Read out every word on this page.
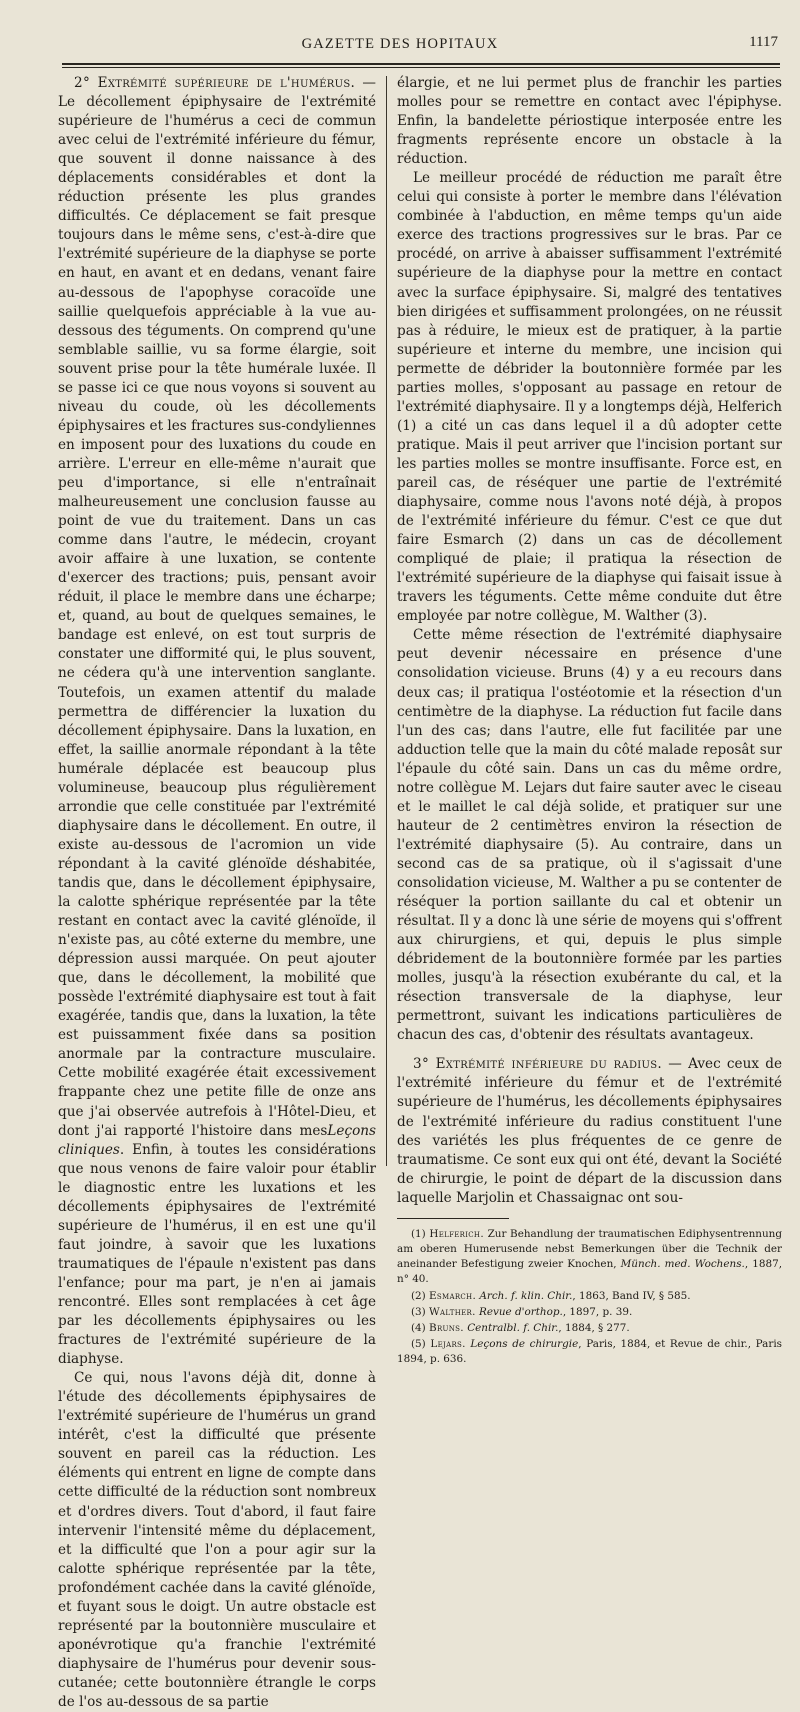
GAZETTE DES HOPITAUX	1117

2° Extrémité supérieure de l'humérus. — Le décollement épiphysaire de l'extrémité supérieure de l'humérus a ceci de commun avec celui de l'extrémité inférieure du fémur, que souvent il donne naissance à des déplacements considérables et dont la réduction présente les plus grandes difficultés. Ce déplacement se fait presque toujours dans le même sens, c'est-à-dire que l'extrémité supérieure de la diaphyse se porte en haut, en avant et en dedans, venant faire au-dessous de l'apophyse coracoïde une saillie quelquefois appréciable à la vue au-dessous des téguments. On comprend qu'une semblable saillie, vu sa forme élargie, soit souvent prise pour la tête humérale luxée. Il se passe ici ce que nous voyons si souvent au niveau du coude, où les décollements épiphysaires et les fractures sus-condyliennes en imposent pour des luxations du coude en arrière. L'erreur en elle-même n'aurait que peu d'importance, si elle n'entraînait malheureusement une conclusion fausse au point de vue du traitement. Dans un cas comme dans l'autre, le médecin, croyant avoir affaire à une luxation, se contente d'exercer des tractions; puis, pensant avoir réduit, il place le membre dans une écharpe; et, quand, au bout de quelques semaines, le bandage est enlevé, on est tout surpris de constater une difformité qui, le plus souvent, ne cédera qu'à une intervention sanglante. Toutefois, un examen attentif du malade permettra de différencier la luxation du décollement épiphysaire. Dans la luxation, en effet, la saillie anormale répondant à la tête humérale déplacée est beaucoup plus volumineuse, beaucoup plus régulièrement arrondie que celle constituée par l'extrémité diaphysaire dans le décollement. En outre, il existe au-dessous de l'acromion un vide répondant à la cavité glénoïde déshabitée, tandis que, dans le décollement épiphysaire, la calotte sphérique représentée par la tête restant en contact avec la cavité glénoïde, il n'existe pas, au côté externe du membre, une dépression aussi marquée. On peut ajouter que, dans le décollement, la mobilité que possède l'extrémité diaphysaire est tout à fait exagérée, tandis que, dans la luxation, la tête est puissamment fixée dans sa position anormale par la contracture musculaire. Cette mobilité exagérée était excessivement frappante chez une petite fille de onze ans que j'ai observée autrefois à l'Hôtel-Dieu, et dont j'ai rapporté l'histoire dans mesLeçons cliniques. Enfin, à toutes les considérations que nous venons de faire valoir pour établir le diagnostic entre les luxations et les décollements épiphysaires de l'extrémité supérieure de l'humérus, il en est une qu'il faut joindre, à savoir que les luxations traumatiques de l'épaule n'existent pas dans l'enfance; pour ma part, je n'en ai jamais rencontré. Elles sont remplacées à cet âge par les décollements épiphysaires ou les fractures de l'extrémité supérieure de la diaphyse.

Ce qui, nous l'avons déjà dit, donne à l'étude des décollements épiphysaires de l'extrémité supérieure de l'humérus un grand intérêt, c'est la difficulté que présente souvent en pareil cas la réduction. Les éléments qui entrent en ligne de compte dans cette difficulté de la réduction sont nombreux et d'ordres divers. Tout d'abord, il faut faire intervenir l'intensité même du déplacement, et la difficulté que l'on a pour agir sur la calotte sphérique représentée par la tête, profondément cachée dans la cavité glénoïde, et fuyant sous le doigt. Un autre obstacle est représenté par la boutonnière musculaire et aponévrotique qu'a franchie l'extrémité diaphysaire de l'humérus pour devenir sous-cutanée; cette boutonnière étrangle le corps de l'os au-dessous de sa partie

élargie, et ne lui permet plus de franchir les parties molles pour se remettre en contact avec l'épiphyse. Enfin, la bandelette périostique interposée entre les fragments représente encore un obstacle à la réduction.

Le meilleur procédé de réduction me paraît être celui qui consiste à porter le membre dans l'élévation combinée à l'abduction, en même temps qu'un aide exerce des tractions progressives sur le bras. Par ce procédé, on arrive à abaisser suffisamment l'extrémité supérieure de la diaphyse pour la mettre en contact avec la surface épiphysaire. Si, malgré des tentatives bien dirigées et suffisamment prolongées, on ne réussit pas à réduire, le mieux est de pratiquer, à la partie supérieure et interne du membre, une incision qui permette de débrider la boutonnière formée par les parties molles, s'opposant au passage en retour de l'extrémité diaphysaire. Il y a longtemps déjà, Helferich (1) a cité un cas dans lequel il a dû adopter cette pratique. Mais il peut arriver que l'incision portant sur les parties molles se montre insuffisante. Force est, en pareil cas, de réséquer une partie de l'extrémité diaphysaire, comme nous l'avons noté déjà, à propos de l'extrémité inférieure du fémur. C'est ce que dut faire Esmarch (2) dans un cas de décollement compliqué de plaie; il pratiqua la résection de l'extrémité supérieure de la diaphyse qui faisait issue à travers les téguments. Cette même conduite dut être employée par notre collègue, M. Walther (3).

Cette même résection de l'extrémité diaphysaire peut devenir nécessaire en présence d'une consolidation vicieuse. Bruns (4) y a eu recours dans deux cas; il pratiqua l'ostéotomie et la résection d'un centimètre de la diaphyse. La réduction fut facile dans l'un des cas; dans l'autre, elle fut facilitée par une adduction telle que la main du côté malade reposât sur l'épaule du côté sain. Dans un cas du même ordre, notre collègue M. Lejars dut faire sauter avec le ciseau et le maillet le cal déjà solide, et pratiquer sur une hauteur de 2 centimètres environ la résection de l'extrémité diaphysaire (5). Au contraire, dans un second cas de sa pratique, où il s'agissait d'une consolidation vicieuse, M. Walther a pu se contenter de réséquer la portion saillante du cal et obtenir un résultat. Il y a donc là une série de moyens qui s'offrent aux chirurgiens, et qui, depuis le plus simple débridement de la boutonnière formée par les parties molles, jusqu'à la résection exubérante du cal, et la résection transversale de la diaphyse, leur permettront, suivant les indications particulières de chacun des cas, d'obtenir des résultats avantageux.

3° Extrémité inférieure du radius. — Avec ceux de l'extrémité inférieure du fémur et de l'extrémité supérieure de l'humérus, les décollements épiphysaires de l'extrémité inférieure du radius constituent l'une des variétés les plus fréquentes de ce genre de traumatisme. Ce sont eux qui ont été, devant la Société de chirurgie, le point de départ de la discussion dans laquelle Marjolin et Chassaignac ont sou-

(1) Helferich. Zur Behandlung der traumatischen Ediphysentrennung am oberen Humerusende nebst Bemerkungen über die Technik der aneinander Befestigung zweier Knochen, Münch. med. Wochens., 1887, n° 40.

(2) Esmarch. Arch. f. klin. Chir., 1863, Band IV, § 585.

(3) Walther. Revue d'orthop., 1897, p. 39.

(4) Bruns. Centralbl. f. Chir., 1884, § 277.

(5) Lejars. Leçons de chirurgie, Paris, 1884, et Revue de chir., Paris 1894, p. 636.
